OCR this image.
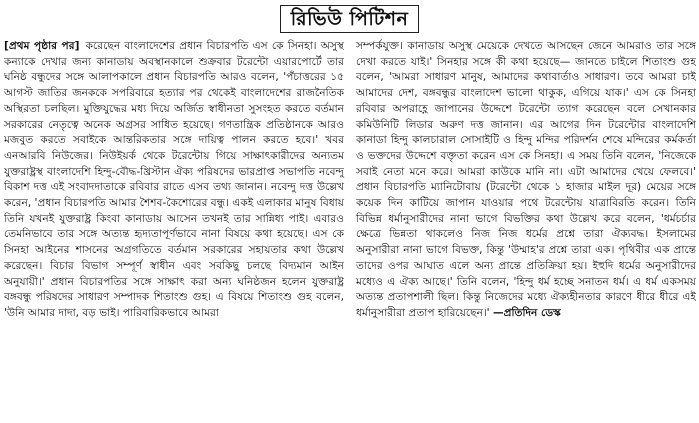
রিভিউ পিটিশন
[প্রথম পৃষ্ঠার পর] করেছেন বাংলাদেশের প্রধান বিচারপতি এস কে সিনহা। অসুস্থ কন্যাকে দেখার জন্য কানাডায় অবস্থানকালে শুক্রবার টরেন্টো এয়ারপোর্টে তার ঘনিষ্ঠ বন্ধুদের সঙ্গে আলাপকালে প্রধান বিচারপতি আরও বলেন, 'পঁচাত্তরের ১৫ আগস্ট জাতির জনককে সপরিবারে হত্যার পর থেকেই বাংলাদেশের রাজনৈতিক অস্থিরতা চলছিল। মুক্তিযুদ্ধের মধ্য দিয়ে অর্জিত স্বাধীনতা সুসংহত করতে বর্তমান সরকারের নেতৃত্বে অনেক অগ্রসর সাধিত হয়েছে। গণতান্ত্রিক প্রতিষ্ঠানকে আরও মজবুত করতে সবাইকে আন্তরিকতার সঙ্গে দায়িত্ব পালন করতে হবে।' খবর এনআরবি নিউজের। নিউইয়র্ক থেকে টরেন্টোয় গিয়ে সাক্ষাৎকারীদের অন্যতম যুক্তরাষ্ট্রস্থ বাংলাদেশি হিন্দু-বৌদ্ধ-খ্রিস্টান ঐক্য পরিষদের ভারপ্রাপ্ত সভাপতি নবেন্দু বিকাশ দত্ত এই সংবাদদাতাকে রবিবার রাতে এসব তথ্য জানান। নবেন্দু দত্ত উল্লেখ করেন, 'প্রধান বিচারপতি আমার শৈশব-কৈশোরের বন্ধু। একই এলাকার মানুষ বিধায় তিনি যখনই যুক্তরাষ্ট্র কিংবা কানাডায় আসেন তখনই তার সান্নিধ্য পাই। এবারও তেমনিভাবে তার সঙ্গে অত্যন্ত হৃদ্যতাপূর্ণভাবে নানা বিষয়ে কথা হয়েছে। এস কে সিনহা আইনের শাসনের অগ্রগতিতে বর্তমান সরকারের সহায়তার কথা উল্লেখ করেছেন। বিচার বিভাগ সম্পূর্ণ স্বাধীন এবং সবকিছু চলছে বিদ্যমান আইন অনুযায়ী।' প্রধান বিচারপতির সঙ্গে সাক্ষাৎ করা অন্য ঘনিষ্ঠজন হলেন যুক্তরাষ্ট্র বঙ্গবন্ধু পরিষদের সাধারণ সম্পাদক শিতাংশু গুহ। এ বিষয়ে শিতাংশু গুহ বলেন, 'উনি আমার দাদা, বড় ভাই। পারিবারিকভাবে আমরা
সম্পর্কযুক্ত। কানাডায় অসুস্থ মেয়েকে দেখতে আসছেন জেনে আমরাও তার সঙ্গে দেখা করতে যাই।' সিনহার সঙ্গে কী কথা হয়েছে— জানতে চাইলে শিতাংশু গুহ বলেন, 'আমরা সাধারণ মানুষ, আমাদের কথাবার্তাও সাধারণ। তবে আমরা চাই আমাদের দেশ, বঙ্গবন্ধুর বাংলাদেশ ভালো থাকুক, এগিয়ে যাক।' এস কে সিনহা রবিবার অপরাহ্ণে জাপানের উদ্দেশে টরেন্টো ত্যাগ করেছেন বলে সেখানকার কমিউনিটি লিডার অরুণ দত্ত জানান। এর আগের দিন টরেন্টোর বাংলাদেশি কানাডা হিন্দু কালচারাল সোসাইটি ও হিন্দু মন্দির পরিদর্শন শেষে মন্দিরের কর্মকর্তা ও ভক্তদের উদ্দেশে বক্তৃতা করেন এস কে সিনহা। এ সময় তিনি বলেন, 'নিজেকে সবাই নেতা মনে করে। আমরা কাউকে মানি না। এটা আমাদের খেয়ে ফেলবে।' প্রধান বিচারপতি ম্যানিটোবায় (টরেন্টো থেকে ১ হাজার মাইল দূর) মেয়ের সঙ্গে কয়েক দিন কাটিয়ে জাপান যাওয়ার পথে টরেন্টোয় যাত্রাবিরতি করেন। তিনি বিভিন্ন ধর্মানুসারীদের নানা ভাগে বিভক্তির কথা উল্লেখ করে বলেন, 'ধর্মচর্চার ক্ষেত্রে ভিন্নতা থাকলেও নিজ নিজ ধর্মের প্রশ্নে তারা ঐক্যবদ্ধ। ইসলামের অনুসারীরা নানা ভাগে বিভক্ত, কিন্তু 'উম্মাহ'র প্রশ্নে তারা এক। পৃথিবীর এক প্রান্তে তাদের ওপর আঘাত এলে অন্য প্রান্তে প্রতিক্রিয়া হয়। ইহুদি ধর্মের অনুসারীদের মধ্যেও এ ঐক্য আছে।' তিনি বলেন, 'হিন্দু ধর্ম হচ্ছে সনাতন ধর্ম। এ ধর্ম একসময় অত্যন্ত প্রতাপশালী ছিল। কিন্তু নিজেদের মধ্যে ঐক্যহীনতার কারণে ধীরে ধীরে এই ধর্মানুসারীরা প্রতাপ হারিয়েছেন।' —প্রতিদিন ডেস্ক
